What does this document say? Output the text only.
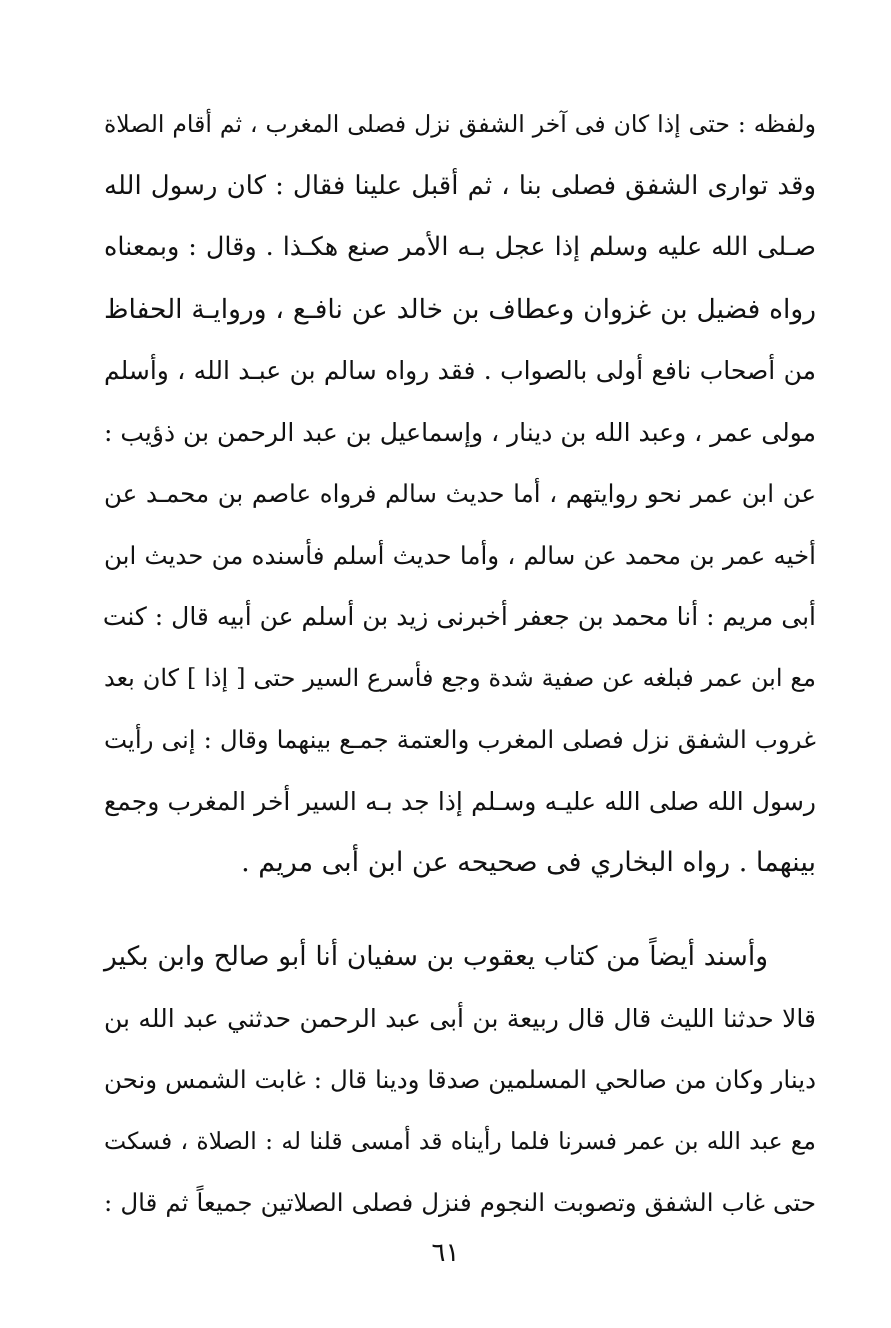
ولفظه : حتى إذا كان فى آخر الشفق نزل فصلى المغرب ، ثم أقام الصلاة
وقد توارى الشفق فصلى بنا ، ثم أقبل علينا فقال : كان رسول الله
صـلى الله عليه وسلم إذا عجل بـه الأمر صنع هكـذا . وقال : وبمعناه
رواه فضيل بن غزوان وعطاف بن خالد عن نافـع ، وروايـة الحفاظ
من أصحاب نافع أولى بالصواب . فقد رواه سالم بن عبـد الله ، وأسلم
مولى عمر ، وعبد الله بن دينار ، وإسماعيل بن عبد الرحمن بن ذؤيب :
عن ابن عمر نحو روايتهم ، أما حديث سالم فرواه عاصم بن محمـد عن
أخيه عمر بن محمد عن سالم ، وأما حديث أسلم فأسنده من حديث ابن
أبى مريم : أنا محمد بن جعفر أخبرنى زيد بن أسلم عن أبيه قال : كنت
مع ابن عمر فبلغه عن صفية شدة وجع فأسرع السير حتى [ إذا ] كان بعد
غروب الشفق نزل فصلى المغرب والعتمة جمـع بينهما وقال : إنى رأيت
رسول الله صلى الله عليـه وسـلم إذا جد بـه السير أخر المغرب وجمع
بينهما . رواه البخاري فى صحيحه عن ابن أبى مريم .
وأسند أيضاً من كتاب يعقوب بن سفيان أنا أبو صالح وابن بكير
قالا حدثنا الليث قال قال ربيعة بن أبى عبد الرحمن حدثني عبد الله بن
دينار وكان من صالحي المسلمين صدقا ودينا قال : غابت الشمس ونحن
مع عبد الله بن عمر فسرنا فلما رأيناه قد أمسى قلنا له : الصلاة ، فسكت
حتى غاب الشفق وتصوبت النجوم فنزل فصلى الصلاتين جميعاً ثم قال :
٦١
